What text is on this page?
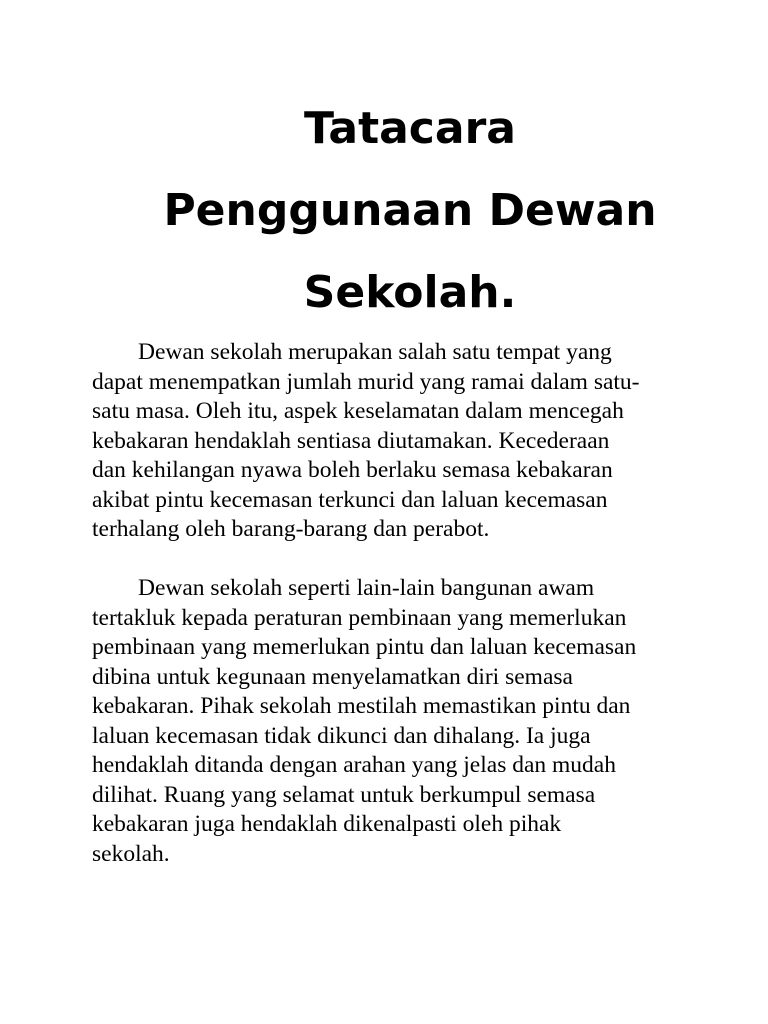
Tatacara
Penggunaan Dewan
Sekolah.

Dewan sekolah merupakan salah satu tempat yang
dapat menempatkan jumlah murid yang ramai dalam satu-
satu masa. Oleh itu, aspek keselamatan dalam mencegah
kebakaran hendaklah sentiasa diutamakan. Kecederaan
dan kehilangan nyawa boleh berlaku semasa kebakaran
akibat pintu kecemasan terkunci dan laluan kecemasan
terhalang oleh barang-barang dan perabot.

Dewan sekolah seperti lain-lain bangunan awam
tertakluk kepada peraturan pembinaan yang memerlukan
pembinaan yang memerlukan pintu dan laluan kecemasan
dibina untuk kegunaan menyelamatkan diri semasa
kebakaran. Pihak sekolah mestilah memastikan pintu dan
laluan kecemasan tidak dikunci dan dihalang. Ia juga
hendaklah ditanda dengan arahan yang jelas dan mudah
dilihat. Ruang yang selamat untuk berkumpul semasa
kebakaran juga hendaklah dikenalpasti oleh pihak
sekolah.
